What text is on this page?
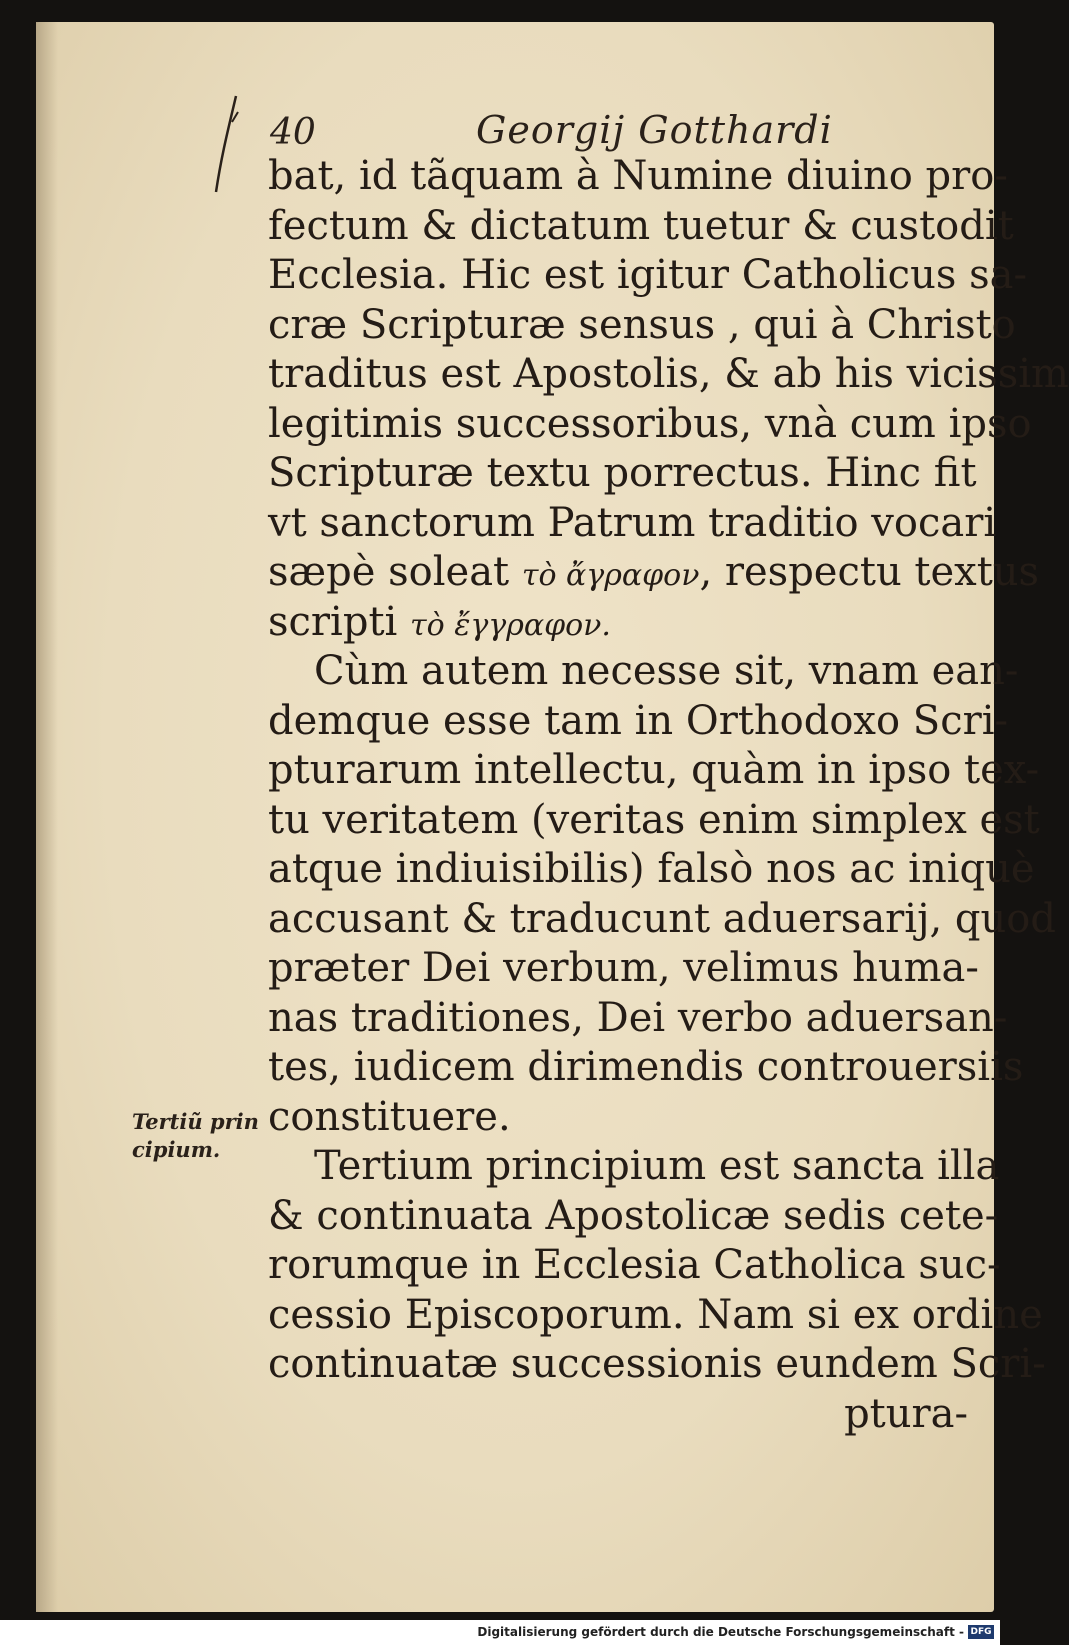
40	Georgij Gotthardi
bat, id tãquam à Numine diuino pro-
fectum & dictatum tuetur & custodit
Ecclesia. Hic est igitur Catholicus sa-
cræ Scripturæ sensus , qui à Christo
traditus est Apostolis, & ab his vicissim
legitimis successoribus, vnà cum ipso
Scripturæ textu porrectus. Hinc fit
vt sanctorum Patrum traditio vocari
sæpè soleat τὸ ἄγραφον, respectu textus
scripti τὸ ἔγγραφον.
Cùm autem necesse sit, vnam ean-
demque esse tam in Orthodoxo Scri-
pturarum intellectu, quàm in ipso tex-
tu veritatem (veritas enim simplex est
atque indiuisibilis) falsò nos ac iniquè
accusant & traducunt aduersarij, quod
præter Dei verbum, velimus huma-
nas traditiones, Dei verbo aduersan-
tes, iudicem dirimendis controuersiis
constituere.
Tertium principium est sancta illa
& continuata Apostolicæ sedis cete-
rorumque in Ecclesia Catholica suc-
cessio Episcoporum. Nam si ex ordine
continuatæ successionis eundem Scri-
ptura-
Tertiũ prin
cipium.
Digitalisierung gefördert durch die Deutsche Forschungsgemeinschaft - DFG
